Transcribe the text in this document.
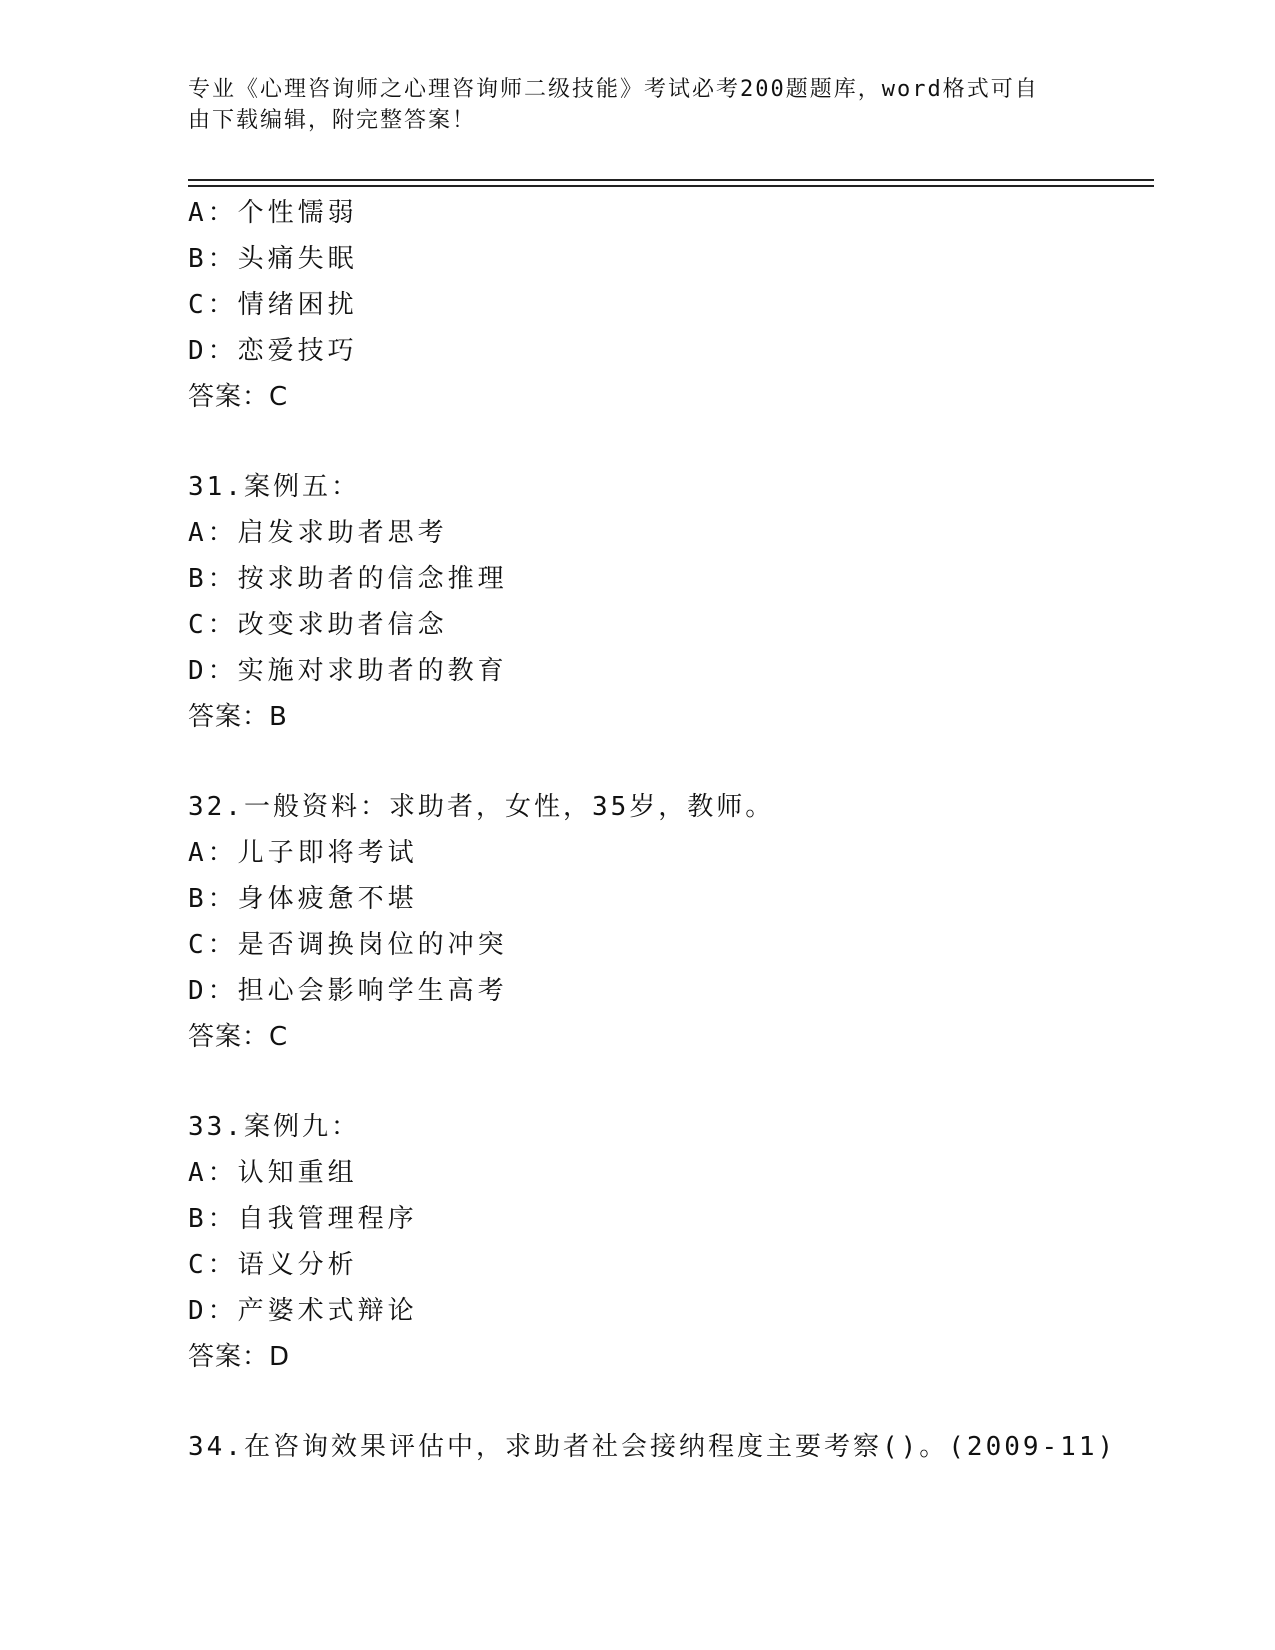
专业《心理咨询师之心理咨询师二级技能》考试必考200题题库，word格式可自
由下载编辑，附完整答案！

A：个性懦弱

B：头痛失眠

C：情绪困扰

D：恋爱技巧

答案：C

31.案例五：

A：启发求助者思考

B：按求助者的信念推理

C：改变求助者信念

D：实施对求助者的教育

答案：B

32.一般资料：求助者，女性，35岁，教师。

A：儿子即将考试

B：身体疲惫不堪

C：是否调换岗位的冲突

D：担心会影响学生高考

答案：C

33.案例九：

A：认知重组

B：自我管理程序

C：语义分析

D：产婆术式辩论

答案：D

34.在咨询效果评估中，求助者社会接纳程度主要考察()。(2009-11)
